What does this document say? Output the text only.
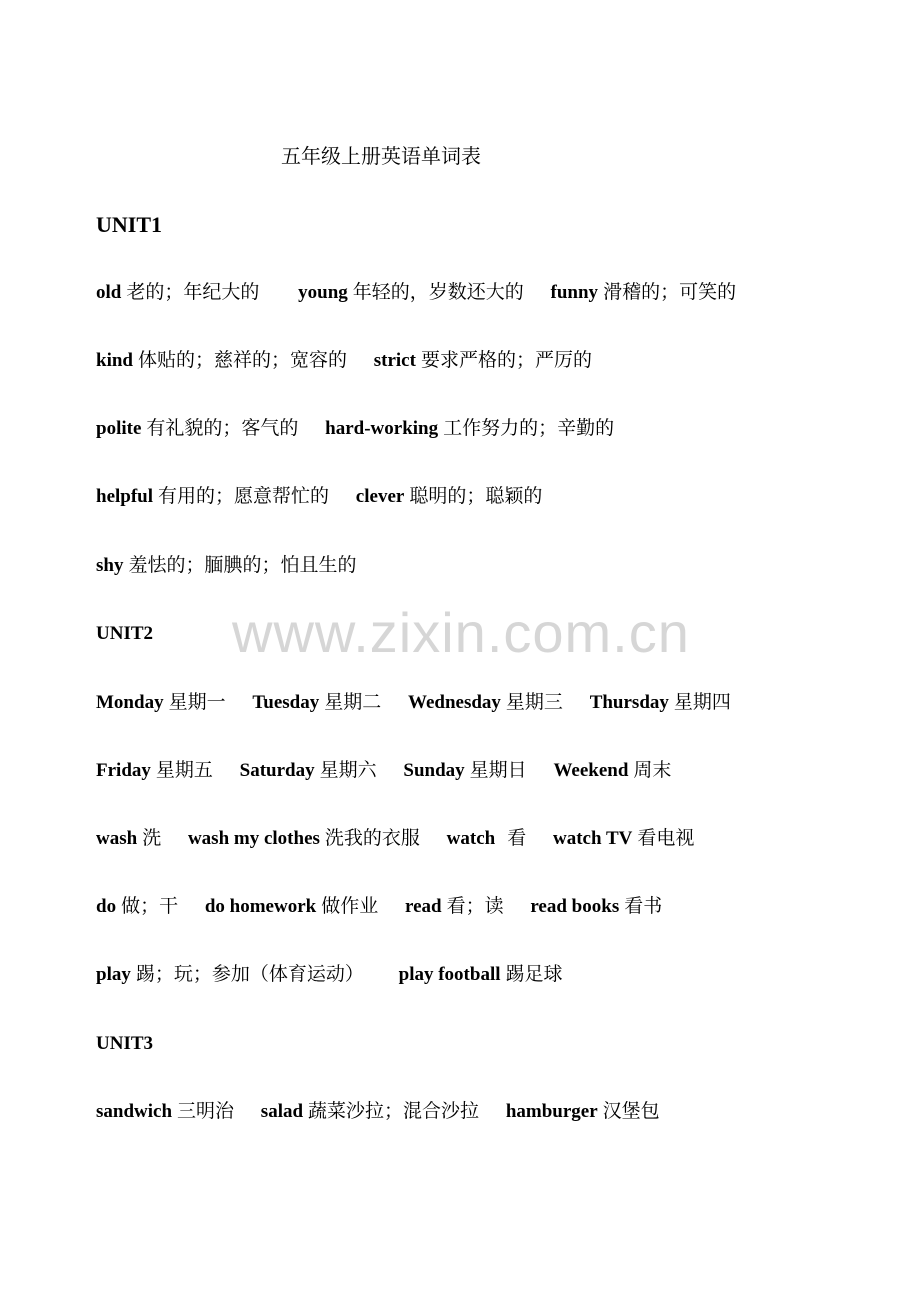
五年级上册英语单词表
UNIT1
old 老的；年纪大的 young 年轻的，岁数还大的 funny 滑稽的；可笑的
kind 体贴的；慈祥的；宽容的 strict 要求严格的；严厉的
polite 有礼貌的；客气的 hard-working 工作努力的；辛勤的
helpful 有用的；愿意帮忙的 clever 聪明的；聪颖的
shy 羞怯的；腼腆的；怕且生的
UNIT2
Monday 星期一 Tuesday 星期二 Wednesday 星期三 Thursday 星期四
Friday 星期五 Saturday 星期六 Sunday 星期日 Weekend 周末
wash 洗 wash my clothes 洗我的衣服 watch 看 watch TV 看电视
do 做；干 do homework 做作业 read 看；读 read books 看书
play 踢；玩；参加（体育运动） play football 踢足球
UNIT3
sandwich 三明治 salad 蔬菜沙拉；混合沙拉 hamburger 汉堡包
www.zixin.com.cn
